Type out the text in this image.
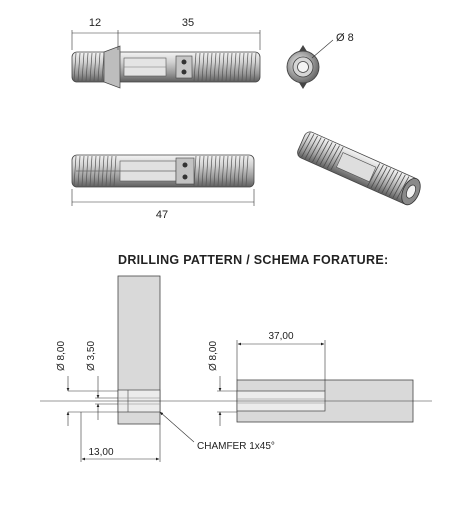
12	35
Ø 8
47
DRILLING PATTERN / SCHEMA FORATURE:
Ø 8,00 Ø 3,50	Ø 8,00
37,00
13,00
CHAMFER 1x45°
